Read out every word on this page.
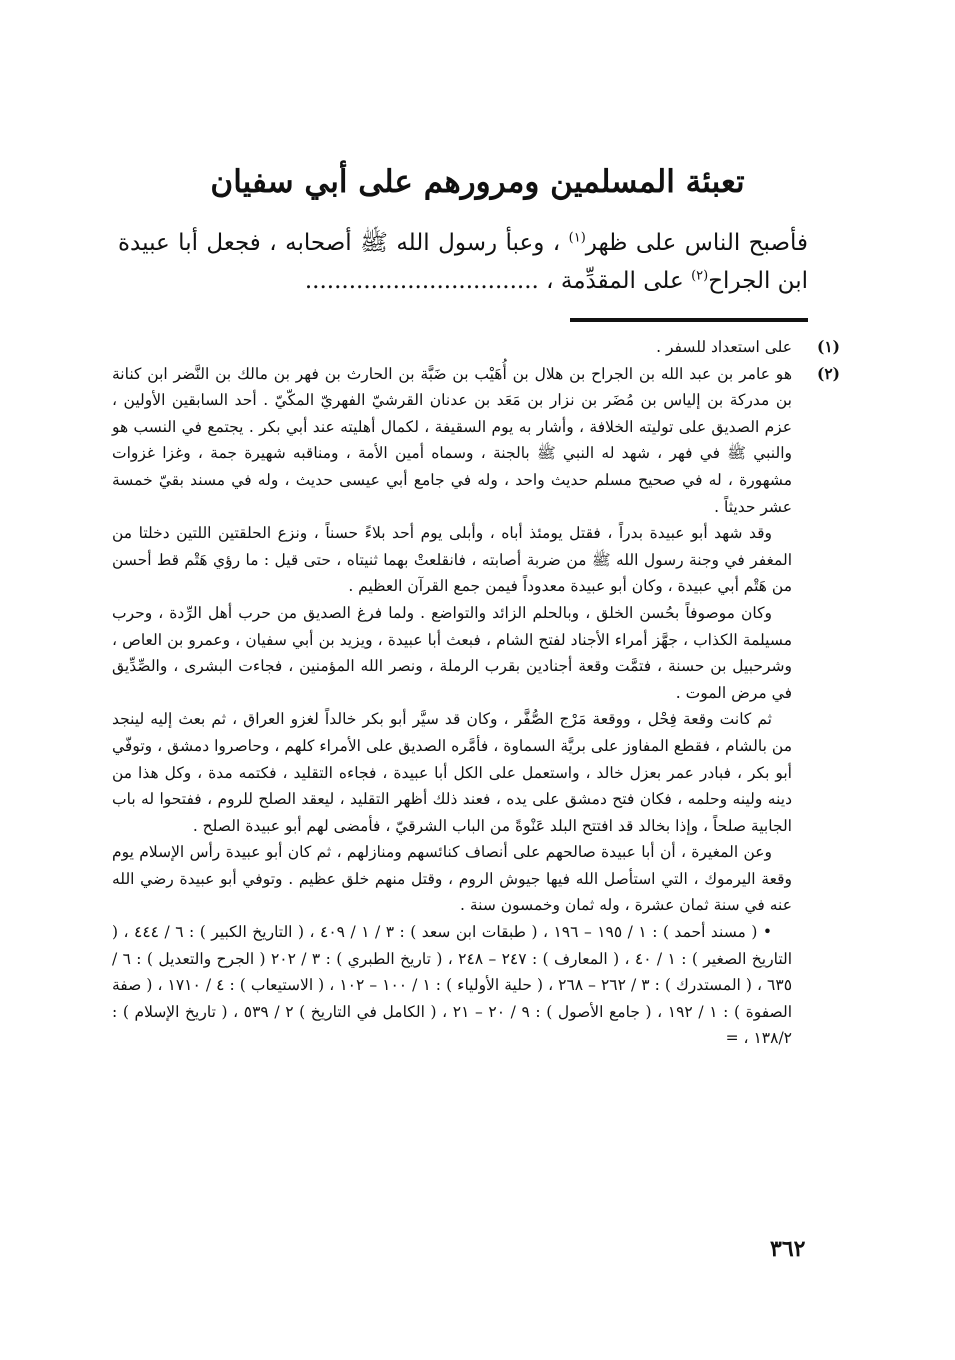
تعبئة المسلمين ومرورهم على أبي سفيان

فأصبح الناس على ظهر$^{(١)}$ ، وعبأ رسول الله ﷺ أصحابه ، فجعل أبا عبيدة

ابن الجراح$^{(٢)}$ على المقدِّمة ، ................................

(١)

على استعداد للسفر .

(٢)

هو عامر بن عبد الله بن الجراح بن هلال بن أُهَيْب بن ضَبَّة بن الحارث بن فهر بن مالك بن النَّضر ابن كنانة بن مدركة بن إلياس بن مُضَر بن نزار بن مَعَد بن عدنان القرشيّ الفهريّ المكّيّ . أحد السابقين الأولين ، عزم الصديق على توليته الخلافة ، وأشار به يوم السقيفة ، لكمال أهليته عند أبي بكر . يجتمع في النسب هو والنبي ﷺ في فهر ، شهد له النبي ﷺ بالجنة ، وسماه أمين الأمة ، ومناقبه شهيرة جمة ، وغزا غزوات مشهورة ، له في صحيح مسلم حديث واحد ، وله في جامع أبي عيسى حديث ، وله في مسند بقيّ خمسة عشر حديثاً .

وقد شهد أبو عبيدة بدراً ، فقتل يومئذ أباه ، وأبلى يوم أحد بلاءً حسناً ، ونزع الحلقتين اللتين دخلتا من المغفر في وجنة رسول الله ﷺ من ضربة أصابته ، فانقلعتْ بهما ثنيتاه ، حتى قيل : ما رؤي هَتْم قط أحسن من هَتْم أبي عبيدة ، وكان أبو عبيدة معدوداً فيمن جمع القرآن العظيم .

وكان موصوفاً بحُسن الخلق ، وبالحلم الزائد والتواضع . ولما فرغ الصديق من حرب أهل الرِّدة ، وحرب مسيلمة الكذاب ، جهَّز أمراء الأجناد لفتح الشام ، فبعث أبا عبيدة ، ويزيد بن أبي سفيان ، وعمرو بن العاص ، وشرحبيل بن حسنة ، فتمَّت وقعة أجنادين بقرب الرملة ، ونصر الله المؤمنين ، فجاءت البشرى ، والصِّدِّيق في مرض الموت .

ثم كانت وقعة فِحْل ، ووقعة مَرْج الصُّفَّر ، وكان قد سيَّر أبو بكر خالداً لغزو العراق ، ثم بعث إليه لينجد من بالشام ، فقطع المفاوز على بريَّة السماوة ، فأمَّره الصديق على الأمراء كلهم ، وحاصروا دمشق ، وتوفّي أبو بكر ، فبادر عمر بعزل خالد ، واستعمل على الكل أبا عبيدة ، فجاءه التقليد ، فكتمه مدة ، وكل هذا من دينه ولينه وحلمه ، فكان فتح دمشق على يده ، فعند ذلك أظهر التقليد ، ليعقد الصلح للروم ، ففتحوا له باب الجابية صلحاً ، وإذا بخالد قد افتتح البلد عَنْوةً من الباب الشرقيّ ، فأمضى لهم أبو عبيدة الصلح .

وعن المغيرة ، أن أبا عبيدة صالحهم على أنصاف كنائسهم ومنازلهم ، ثم كان أبو عبيدة رأس الإسلام يوم وقعة اليرموك ، التي استأصل الله فيها جيوش الروم ، وقتل منهم خلق عظيم . وتوفي أبو عبيدة رضي الله عنه في سنة ثمان عشرة ، وله ثمان وخمسون سنة .

• ( مسند أحمد ) : ١ / ١٩٥ – ١٩٦ ، ( طبقات ابن سعد ) : ٣ / ١ / ٤٠٩ ، ( التاريخ الكبير ) : ٦ / ٤٤٤ ، ( التاريخ الصغير ) : ١ / ٤٠ ، ( المعارف ) : ٢٤٧ – ٢٤٨ ، ( تاريخ الطبري ) : ٣ / ٢٠٢ ( الجرح والتعديل ) : ٦ / ٦٣٥ ، ( المستدرك ) : ٣ / ٢٦٢ – ٢٦٨ ، ( حلية الأولياء ) : ١ / ١٠٠ – ١٠٢ ، ( الاستيعاب ) : ٤ / ١٧١٠ ، ( صفة الصفوة ) : ١ / ١٩٢ ، ( جامع الأصول ) : ٩ / ٢٠ – ٢١ ، ( الكامل في التاريخ ) ٢ / ٥٣٩ ، ( تاريخ الإسلام ) : ١٣٨/٢ ، =

٣٦٢
